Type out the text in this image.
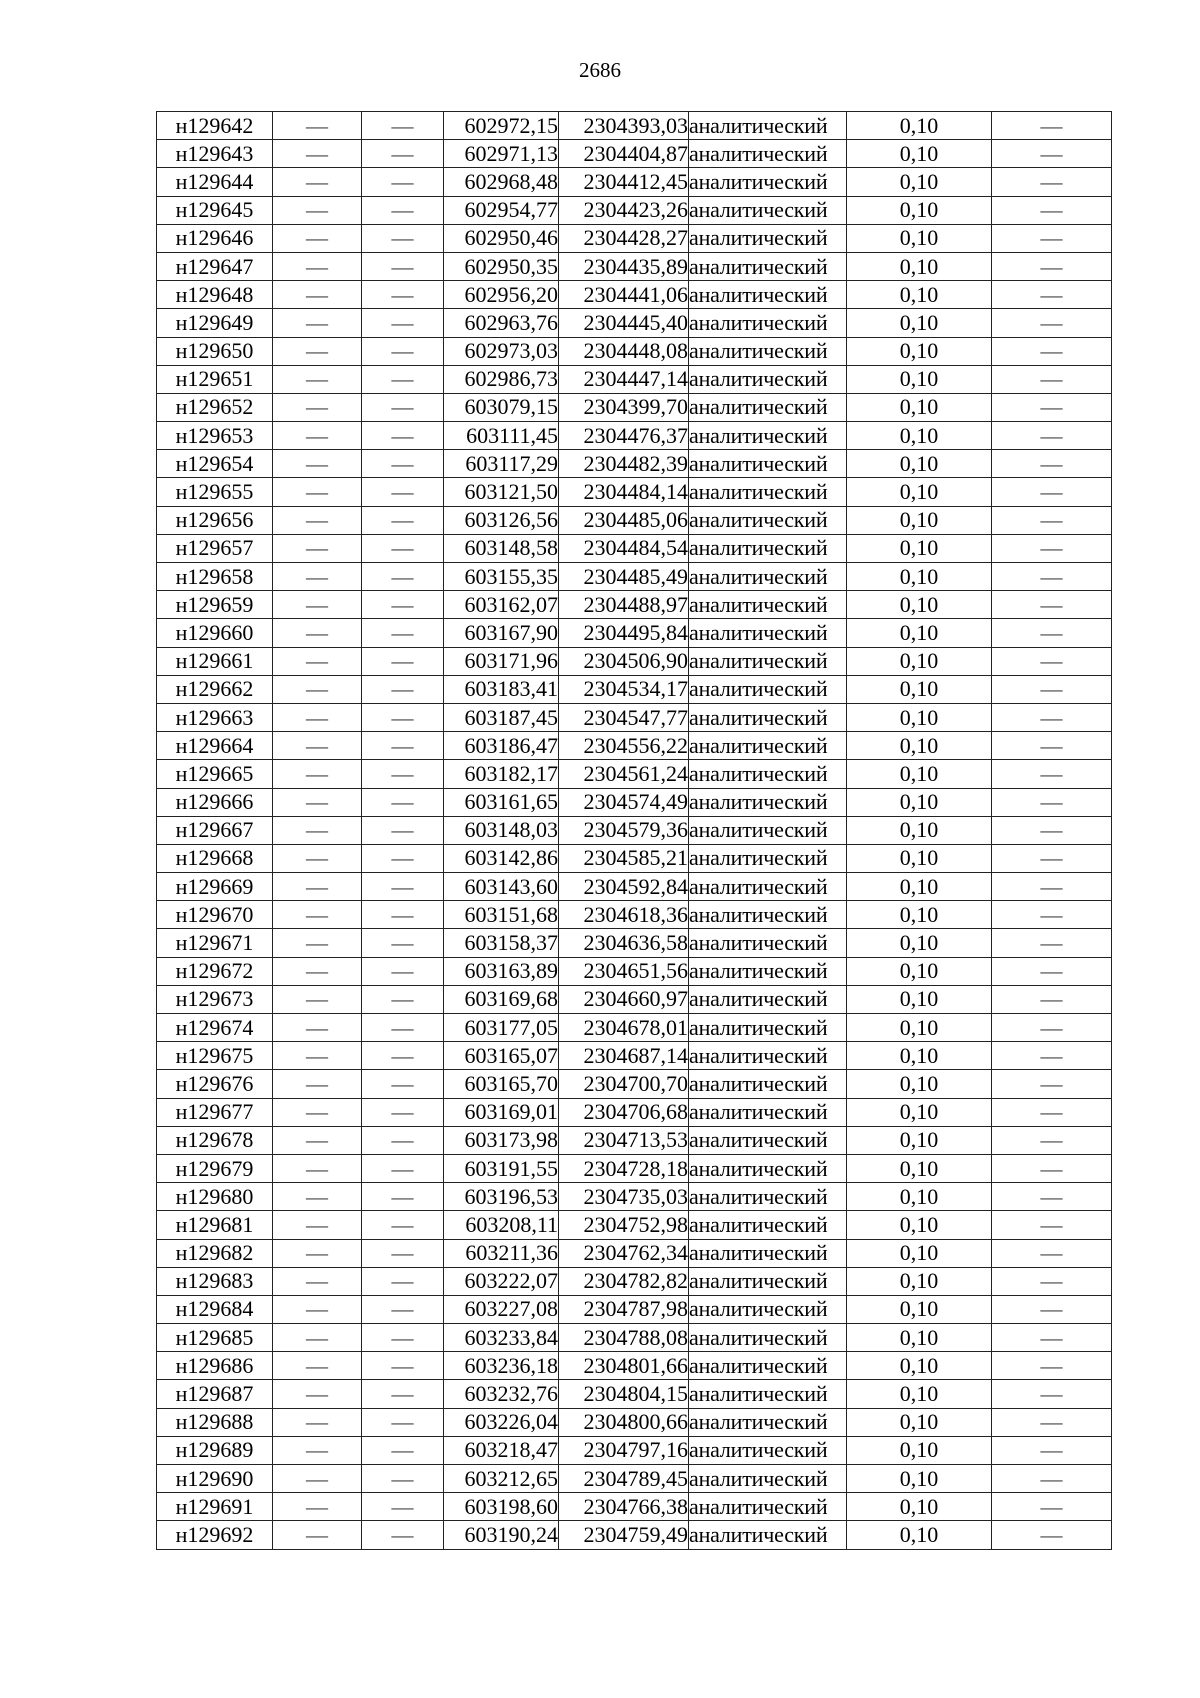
2686
н129642	—	—	602972,15	2304393,03	аналитический	0,10	—
н129643	—	—	602971,13	2304404,87	аналитический	0,10	—
н129644	—	—	602968,48	2304412,45	аналитический	0,10	—
н129645	—	—	602954,77	2304423,26	аналитический	0,10	—
н129646	—	—	602950,46	2304428,27	аналитический	0,10	—
н129647	—	—	602950,35	2304435,89	аналитический	0,10	—
н129648	—	—	602956,20	2304441,06	аналитический	0,10	—
н129649	—	—	602963,76	2304445,40	аналитический	0,10	—
н129650	—	—	602973,03	2304448,08	аналитический	0,10	—
н129651	—	—	602986,73	2304447,14	аналитический	0,10	—
н129652	—	—	603079,15	2304399,70	аналитический	0,10	—
н129653	—	—	603111,45	2304476,37	аналитический	0,10	—
н129654	—	—	603117,29	2304482,39	аналитический	0,10	—
н129655	—	—	603121,50	2304484,14	аналитический	0,10	—
н129656	—	—	603126,56	2304485,06	аналитический	0,10	—
н129657	—	—	603148,58	2304484,54	аналитический	0,10	—
н129658	—	—	603155,35	2304485,49	аналитический	0,10	—
н129659	—	—	603162,07	2304488,97	аналитический	0,10	—
н129660	—	—	603167,90	2304495,84	аналитический	0,10	—
н129661	—	—	603171,96	2304506,90	аналитический	0,10	—
н129662	—	—	603183,41	2304534,17	аналитический	0,10	—
н129663	—	—	603187,45	2304547,77	аналитический	0,10	—
н129664	—	—	603186,47	2304556,22	аналитический	0,10	—
н129665	—	—	603182,17	2304561,24	аналитический	0,10	—
н129666	—	—	603161,65	2304574,49	аналитический	0,10	—
н129667	—	—	603148,03	2304579,36	аналитический	0,10	—
н129668	—	—	603142,86	2304585,21	аналитический	0,10	—
н129669	—	—	603143,60	2304592,84	аналитический	0,10	—
н129670	—	—	603151,68	2304618,36	аналитический	0,10	—
н129671	—	—	603158,37	2304636,58	аналитический	0,10	—
н129672	—	—	603163,89	2304651,56	аналитический	0,10	—
н129673	—	—	603169,68	2304660,97	аналитический	0,10	—
н129674	—	—	603177,05	2304678,01	аналитический	0,10	—
н129675	—	—	603165,07	2304687,14	аналитический	0,10	—
н129676	—	—	603165,70	2304700,70	аналитический	0,10	—
н129677	—	—	603169,01	2304706,68	аналитический	0,10	—
н129678	—	—	603173,98	2304713,53	аналитический	0,10	—
н129679	—	—	603191,55	2304728,18	аналитический	0,10	—
н129680	—	—	603196,53	2304735,03	аналитический	0,10	—
н129681	—	—	603208,11	2304752,98	аналитический	0,10	—
н129682	—	—	603211,36	2304762,34	аналитический	0,10	—
н129683	—	—	603222,07	2304782,82	аналитический	0,10	—
н129684	—	—	603227,08	2304787,98	аналитический	0,10	—
н129685	—	—	603233,84	2304788,08	аналитический	0,10	—
н129686	—	—	603236,18	2304801,66	аналитический	0,10	—
н129687	—	—	603232,76	2304804,15	аналитический	0,10	—
н129688	—	—	603226,04	2304800,66	аналитический	0,10	—
н129689	—	—	603218,47	2304797,16	аналитический	0,10	—
н129690	—	—	603212,65	2304789,45	аналитический	0,10	—
н129691	—	—	603198,60	2304766,38	аналитический	0,10	—
н129692	—	—	603190,24	2304759,49	аналитический	0,10	—
